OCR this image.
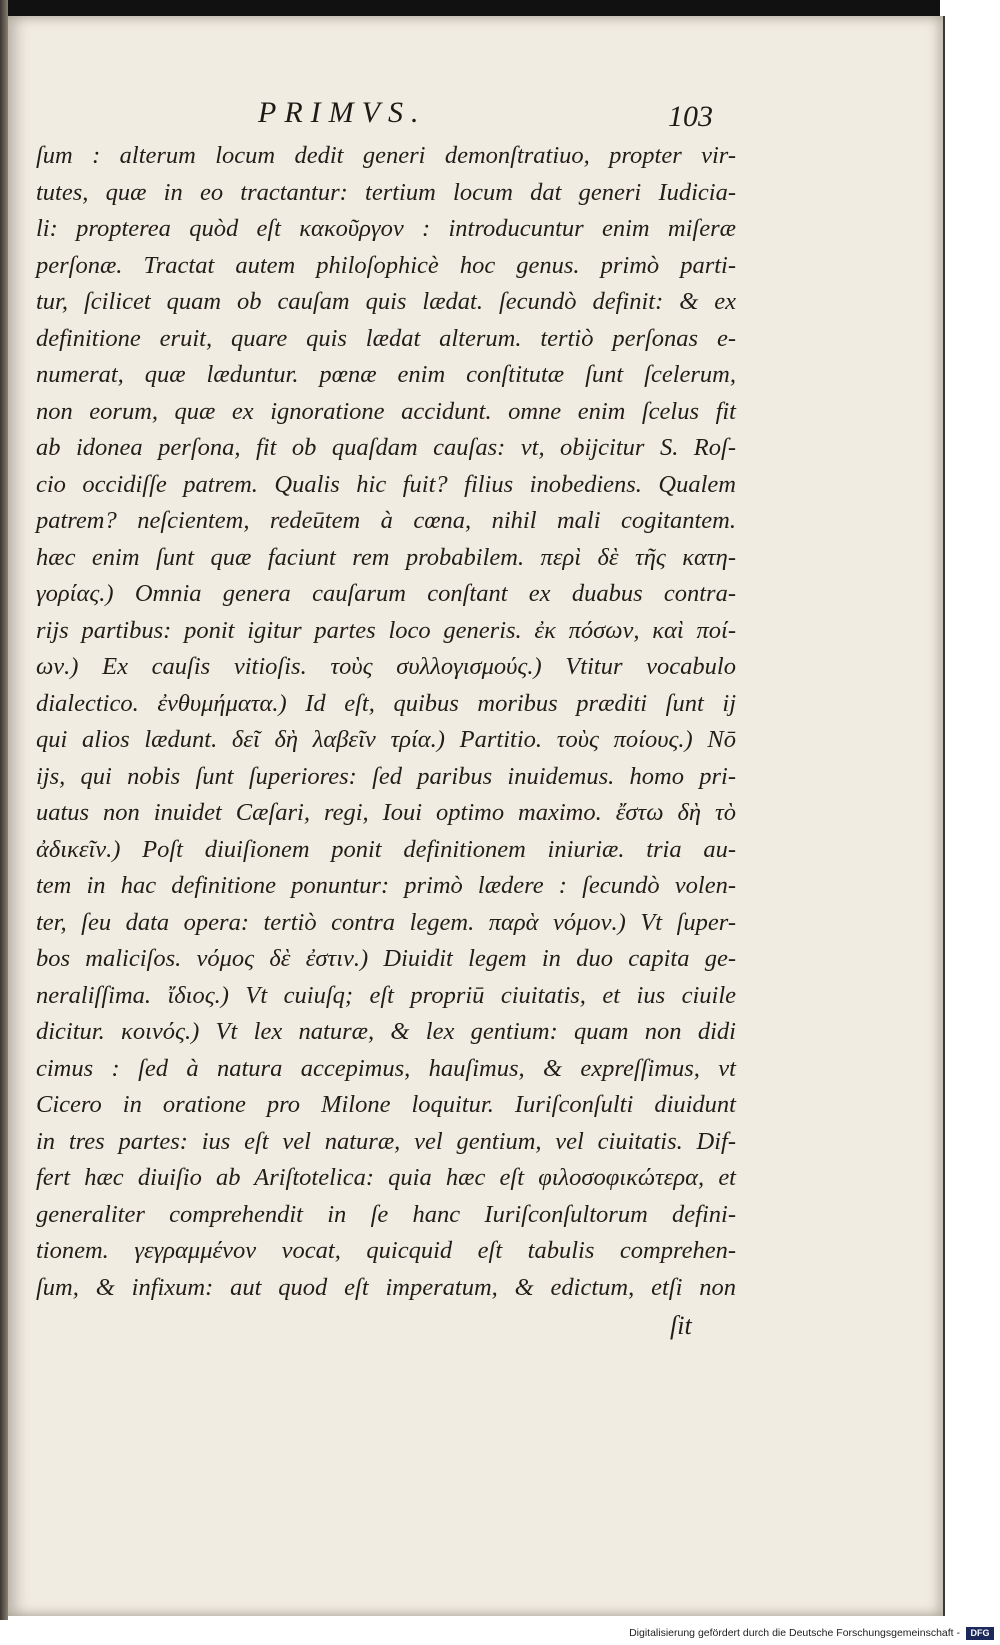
PRIMVS.	103
ſum : alterum locum dedit generi demonſtratiuo, propter vir-
tutes, quæ in eo tractantur: tertium locum dat generi Iudicia-
li: propterea quòd eſt κακοῦργον : introducuntur enim miſeræ
perſonæ. Tractat autem philoſophicè hoc genus. primò parti-
tur, ſcilicet quam ob cauſam quis lædat. ſecundò definit: & ex
definitione eruit, quare quis lædat alterum. tertiò perſonas e-
numerat, quæ læduntur. pœnæ enim conſtitutæ ſunt ſcelerum,
non eorum, quæ ex ignoratione accidunt. omne enim ſcelus fit
ab idonea perſona, fit ob quaſdam cauſas: vt, obijcitur S. Roſ-
cio occidiſſe patrem. Qualis hic fuit? filius inobediens. Qualem
patrem? neſcientem, redeūtem à cœna, nihil mali cogitantem.
hæc enim ſunt quæ faciunt rem probabilem. περὶ δὲ τῆς κατη-
γορίας.) Omnia genera cauſarum conſtant ex duabus contra-
rijs partibus: ponit igitur partes loco generis. ἐκ πόσων, καὶ ποί-
ων.) Ex cauſis vitioſis. τοὺς συλλογισμούς.) Vtitur vocabulo
dialectico. ἐνθυμήματα.) Id eſt, quibus moribus præditi ſunt ij
qui alios lædunt. δεῖ δὴ λαβεῖν τρία.) Partitio. τοὺς ποίους.) Nō
ijs, qui nobis ſunt ſuperiores: ſed paribus inuidemus. homo pri-
uatus non inuidet Cæſari, regi, Ioui optimo maximo. ἔστω δὴ τὸ
ἀδικεῖν.) Poſt diuiſionem ponit definitionem iniuriæ. tria au-
tem in hac definitione ponuntur: primò lædere : ſecundò volen-
ter, ſeu data opera: tertiò contra legem. παρὰ νόμον.) Vt ſuper-
bos maliciſos. νόμος δὲ ἐστιν.) Diuidit legem in duo capita ge-
neraliſſima. ἴδιος.) Vt cuiuſq; eſt propriū ciuitatis, et ius ciuile
dicitur. κοινός.) Vt lex naturæ, & lex gentium: quam non didi
cimus : ſed à natura accepimus, hauſimus, & expreſſimus, vt
Cicero in oratione pro Milone loquitur. Iuriſconſulti diuidunt
in tres partes: ius eſt vel naturæ, vel gentium, vel ciuitatis. Dif-
fert hæc diuiſio ab Ariſtotelica: quia hæc eſt φιλοσοφικώτερα, et
generaliter comprehendit in ſe hanc Iuriſconſultorum defini-
tionem. γεγραμμένον vocat, quicquid eſt tabulis comprehen-
ſum, & infixum: aut quod eſt imperatum, & edictum, etſi non
ſit
Digitalisierung gefördert durch die Deutsche Forschungsgemeinschaft -	DFG
